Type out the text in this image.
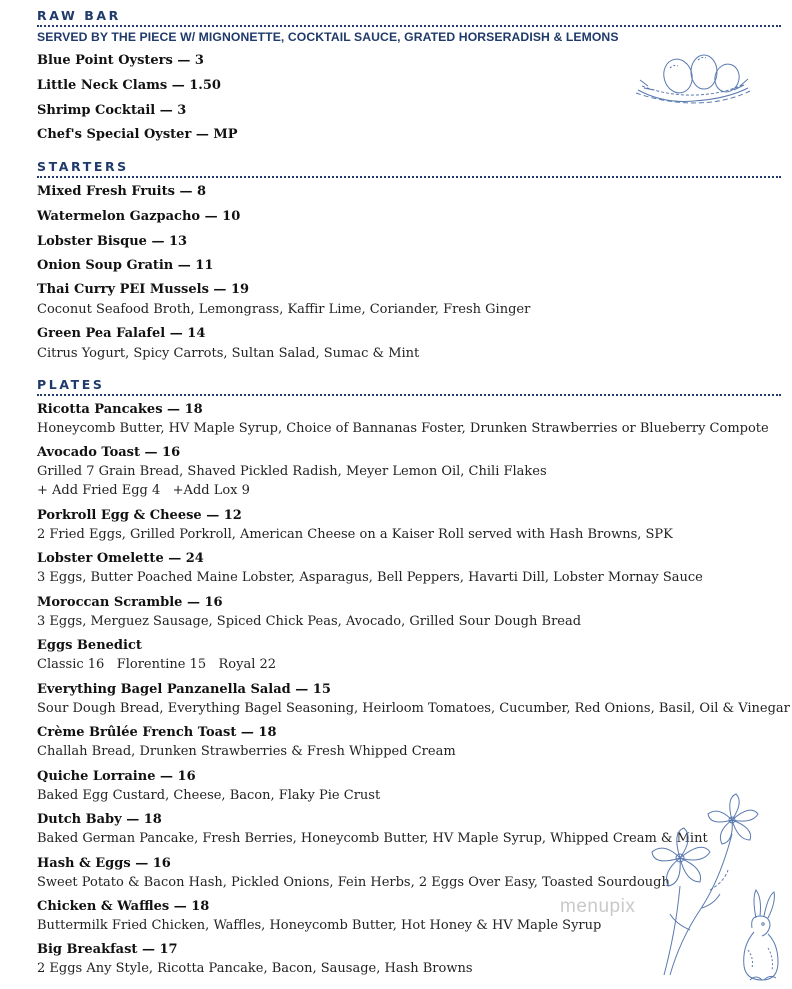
RAW BAR
SERVED BY THE PIECE W/ MIGNONETTE, COCKTAIL SAUCE, GRATED HORSERADISH & LEMONS
Blue Point Oysters — 3
Little Neck Clams — 1.50
Shrimp Cocktail — 3
Chef's Special Oyster — MP
STARTERS
Mixed Fresh Fruits — 8
Watermelon Gazpacho — 10
Lobster Bisque — 13
Onion Soup Gratin — 11
Thai Curry PEI Mussels — 19
Coconut Seafood Broth, Lemongrass, Kaffir Lime, Coriander, Fresh Ginger
Green Pea Falafel — 14
Citrus Yogurt, Spicy Carrots, Sultan Salad, Sumac & Mint
PLATES
Ricotta Pancakes — 18
Honeycomb Butter, HV Maple Syrup, Choice of Bannanas Foster, Drunken Strawberries or Blueberry Compote
Avocado Toast — 16
Grilled 7 Grain Bread, Shaved Pickled Radish, Meyer Lemon Oil, Chili Flakes
+ Add Fried Egg 4   +Add Lox 9
Porkroll Egg & Cheese — 12
2 Fried Eggs, Grilled Porkroll, American Cheese on a Kaiser Roll served with Hash Browns, SPK
Lobster Omelette — 24
3 Eggs, Butter Poached Maine Lobster, Asparagus, Bell Peppers, Havarti Dill, Lobster Mornay Sauce
Moroccan Scramble — 16
3 Eggs, Merguez Sausage, Spiced Chick Peas, Avocado, Grilled Sour Dough Bread
Eggs Benedict
Classic 16   Florentine 15   Royal 22
Everything Bagel Panzanella Salad — 15
Sour Dough Bread, Everything Bagel Seasoning, Heirloom Tomatoes, Cucumber, Red Onions, Basil, Oil & Vinegar
Crème Brûlée French Toast — 18
Challah Bread, Drunken Strawberries & Fresh Whipped Cream
Quiche Lorraine — 16
Baked Egg Custard, Cheese, Bacon, Flaky Pie Crust
Dutch Baby — 18
Baked German Pancake, Fresh Berries, Honeycomb Butter, HV Maple Syrup, Whipped Cream & Mint
Hash & Eggs — 16
Sweet Potato & Bacon Hash, Pickled Onions, Fein Herbs, 2 Eggs Over Easy, Toasted Sourdough
Chicken & Waffles — 18
Buttermilk Fried Chicken, Waffles, Honeycomb Butter, Hot Honey & HV Maple Syrup
Big Breakfast — 17
2 Eggs Any Style, Ricotta Pancake, Bacon, Sausage, Hash Browns
menupix
